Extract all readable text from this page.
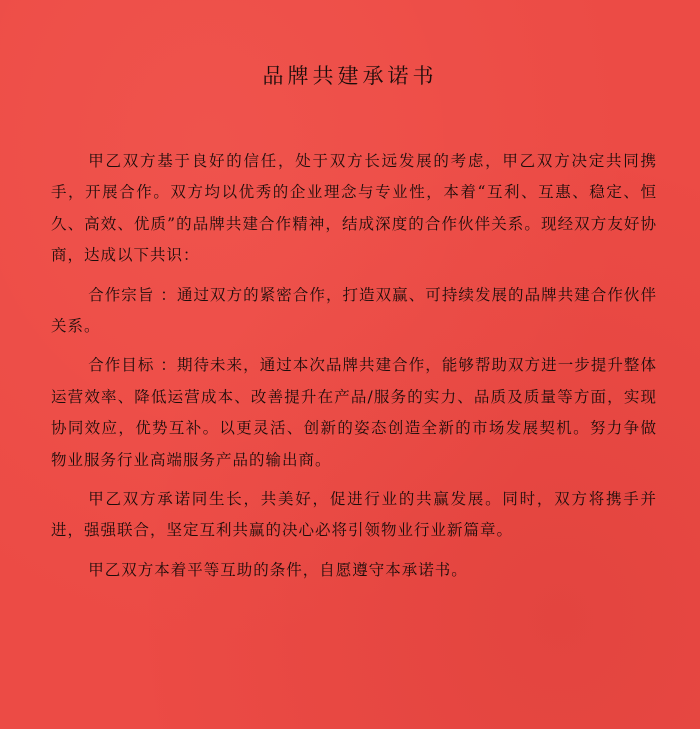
品牌共建承诺书

甲乙双方基于良好的信任，处于双方长远发展的考虑，甲乙双方决定共同携手，开展合作。双方均以优秀的企业理念与专业性，本着“互利、互惠、稳定、恒久、高效、优质”的品牌共建合作精神，结成深度的合作伙伴关系。现经双方友好协商，达成以下共识：

合作宗旨 ：通过双方的紧密合作，打造双赢、可持续发展的品牌共建合作伙伴关系。

合作目标 ：期待未来，通过本次品牌共建合作，能够帮助双方进一步提升整体运营效率、降低运营成本、改善提升在产品/服务的实力、品质及质量等方面，实现协同效应，优势互补。以更灵活、创新的姿态创造全新的市场发展契机。努力争做物业服务行业高端服务产品的输出商。

甲乙双方承诺同生长，共美好，促进行业的共赢发展。同时，双方将携手并进，强强联合，坚定互利共赢的决心必将引领物业行业新篇章。

甲乙双方本着平等互助的条件，自愿遵守本承诺书。
